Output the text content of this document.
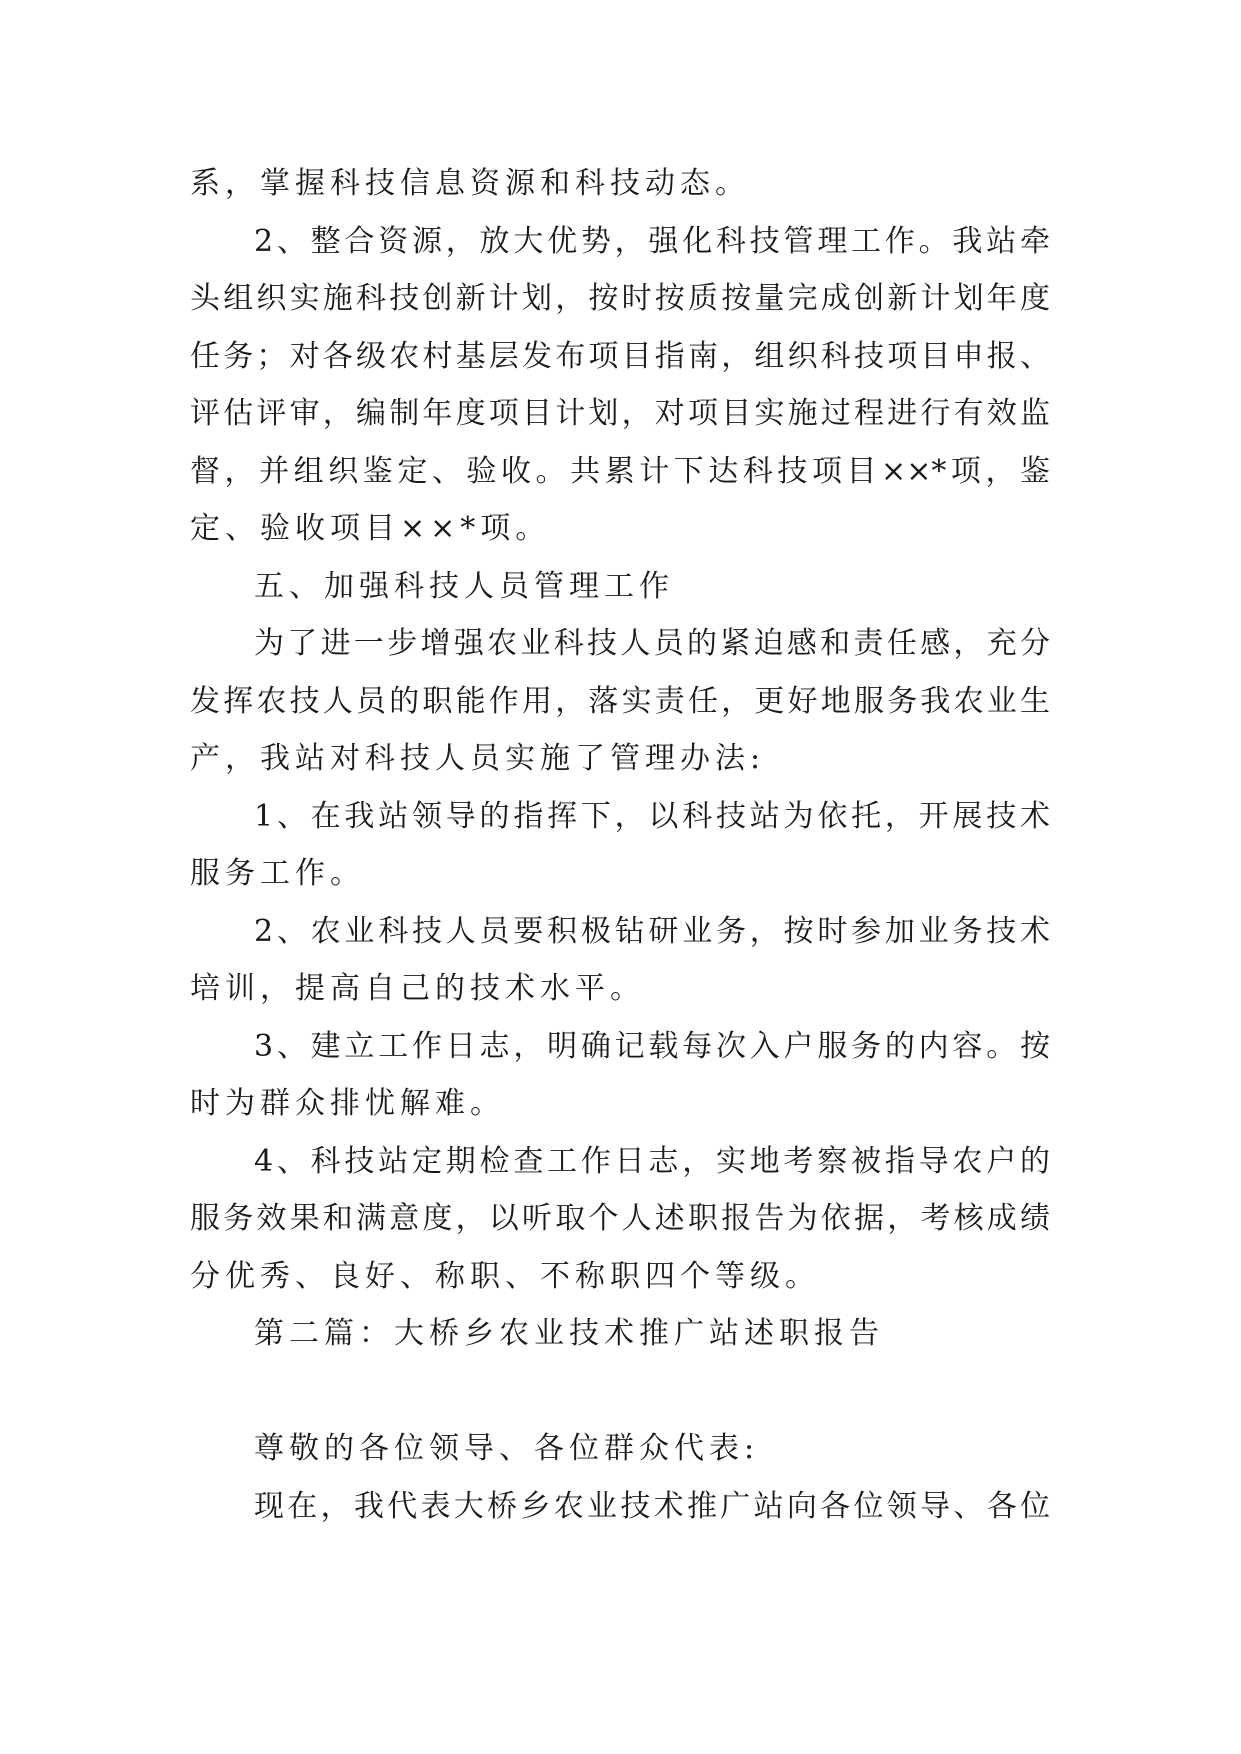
系，掌握科技信息资源和科技动态。
2、整合资源，放大优势，强化科技管理工作。我站牵
头组织实施科技创新计划，按时按质按量完成创新计划年度
任务；对各级农村基层发布项目指南，组织科技项目申报、
评估评审，编制年度项目计划，对项目实施过程进行有效监
督，并组织鉴定、验收。共累计下达科技项目××*项，鉴
定、验收项目××*项。
五、加强科技人员管理工作
为了进一步增强农业科技人员的紧迫感和责任感，充分
发挥农技人员的职能作用，落实责任，更好地服务我农业生
产，我站对科技人员实施了管理办法:
1、在我站领导的指挥下，以科技站为依托，开展技术
服务工作。
2、农业科技人员要积极钻研业务，按时参加业务技术
培训，提高自己的技术水平。
3、建立工作日志，明确记载每次入户服务的内容。按
时为群众排忧解难。
4、科技站定期检查工作日志，实地考察被指导农户的
服务效果和满意度，以听取个人述职报告为依据，考核成绩
分优秀、良好、称职、不称职四个等级。
第二篇：大桥乡农业技术推广站述职报告
尊敬的各位领导、各位群众代表:
现在，我代表大桥乡农业技术推广站向各位领导、各位
